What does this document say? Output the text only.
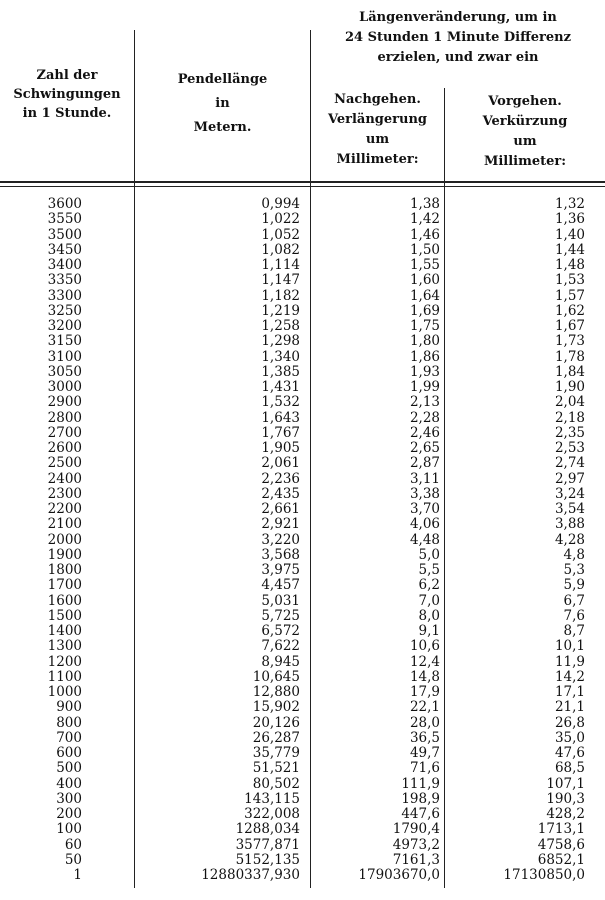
Zahl der
Schwingungen
in 1 Stunde.
Pendellänge
in
Metern.
Längenveränderung, um in
24 Stunden 1 Minute Differenz
erzielen, und zwar ein
Nachgehen.
Verlängerung
um
Millimeter:
Vorgehen.
Verkürzung
um
Millimeter:
3600	0,994	1,38	1,32
3550	1,022	1,42	1,36
3500	1,052	1,46	1,40
3450	1,082	1,50	1,44
3400	1,114	1,55	1,48
3350	1,147	1,60	1,53
3300	1,182	1,64	1,57
3250	1,219	1,69	1,62
3200	1,258	1,75	1,67
3150	1,298	1,80	1,73
3100	1,340	1,86	1,78
3050	1,385	1,93	1,84
3000	1,431	1,99	1,90
2900	1,532	2,13	2,04
2800	1,643	2,28	2,18
2700	1,767	2,46	2,35
2600	1,905	2,65	2,53
2500	2,061	2,87	2,74
2400	2,236	3,11	2,97
2300	2,435	3,38	3,24
2200	2,661	3,70	3,54
2100	2,921	4,06	3,88
2000	3,220	4,48	4,28
1900	3,568	5,0	4,8
1800	3,975	5,5	5,3
1700	4,457	6,2	5,9
1600	5,031	7,0	6,7
1500	5,725	8,0	7,6
1400	6,572	9,1	8,7
1300	7,622	10,6	10,1
1200	8,945	12,4	11,9
1100	10,645	14,8	14,2
1000	12,880	17,9	17,1
900	15,902	22,1	21,1
800	20,126	28,0	26,8
700	26,287	36,5	35,0
600	35,779	49,7	47,6
500	51,521	71,6	68,5
400	80,502	111,9	107,1
300	143,115	198,9	190,3
200	322,008	447,6	428,2
100	1288,034	1790,4	1713,1
60	3577,871	4973,2	4758,6
50	5152,135	7161,3	6852,1
1	12880337,930	17903670,0	17130850,0
